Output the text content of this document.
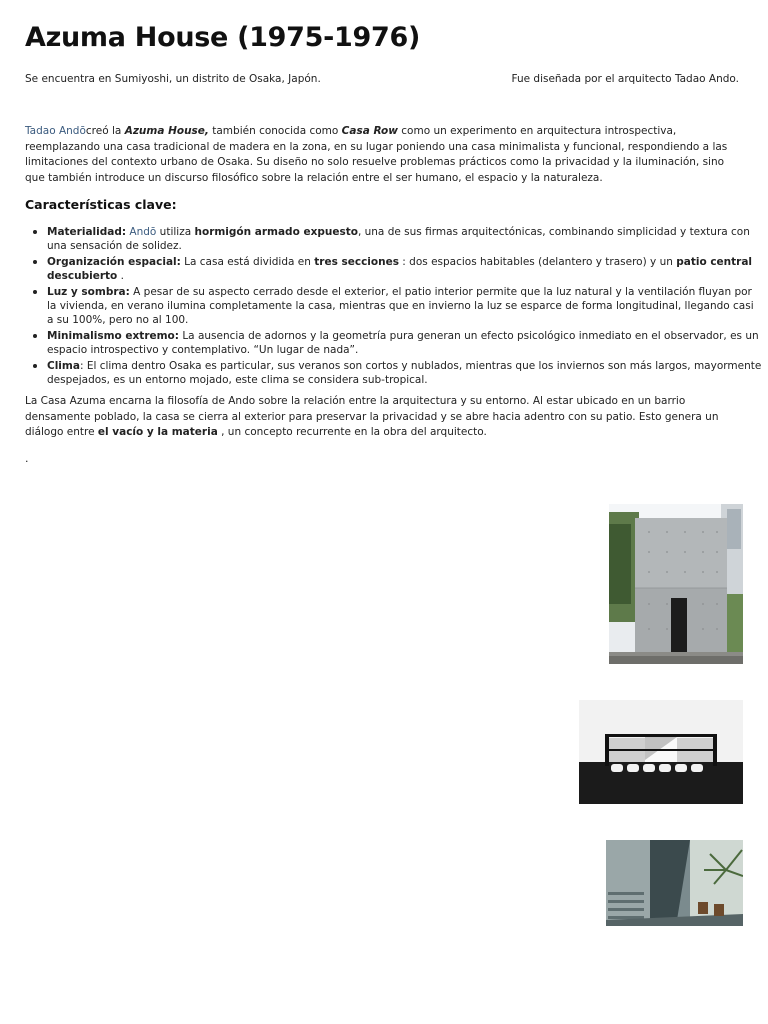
Azuma House (1975-1976)

Se encuentra en Sumiyoshi, un distrito de Osaka, Japón.	Fue diseñada por el arquitecto Tadao Ando.

Tadao Andōcreó la Azuma House, también conocida como Casa Row como un experimento en arquitectura introspectiva, reemplazando una casa tradicional de madera en la zona, en su lugar poniendo una casa minimalista y funcional, respondiendo a las limitaciones del contexto urbano de Osaka. Su diseño no solo resuelve problemas prácticos como la privacidad y la iluminación, sino que también introduce un discurso filosófico sobre la relación entre el ser humano, el espacio y la naturaleza.

Características clave:
• Materialidad: Andō utiliza hormigón armado expuesto, una de sus firmas arquitectónicas, combinando simplicidad y textura con una sensación de solidez.
• Organización espacial: La casa está dividida en tres secciones : dos espacios habitables (delantero y trasero) y un patio central descubierto .
• Luz y sombra: A pesar de su aspecto cerrado desde el exterior, el patio interior permite que la luz natural y la ventilación fluyan por la vivienda, en verano ilumina completamente la casa, mientras que en invierno la luz se esparce de forma longitudinal, llegando casi a su 100%, pero no al 100.
• Minimalismo extremo: La ausencia de adornos y la geometría pura generan un efecto psicológico inmediato en el observador, es un espacio introspectivo y contemplativo. “Un lugar de nada”.
• Clima: El clima dentro Osaka es particular, sus veranos son cortos y nublados, mientras que los inviernos son más largos, mayormente despejados, es un entorno mojado, este clima se considera sub-tropical.

La Casa Azuma encarna la filosofía de Ando sobre la relación entre la arquitectura y su entorno. Al estar ubicado en un barrio densamente poblado, la casa se cierra al exterior para preservar la privacidad y se abre hacia adentro con su patio. Esto genera un diálogo entre el vacío y la materia , un concepto recurrente en la obra del arquitecto.

.
